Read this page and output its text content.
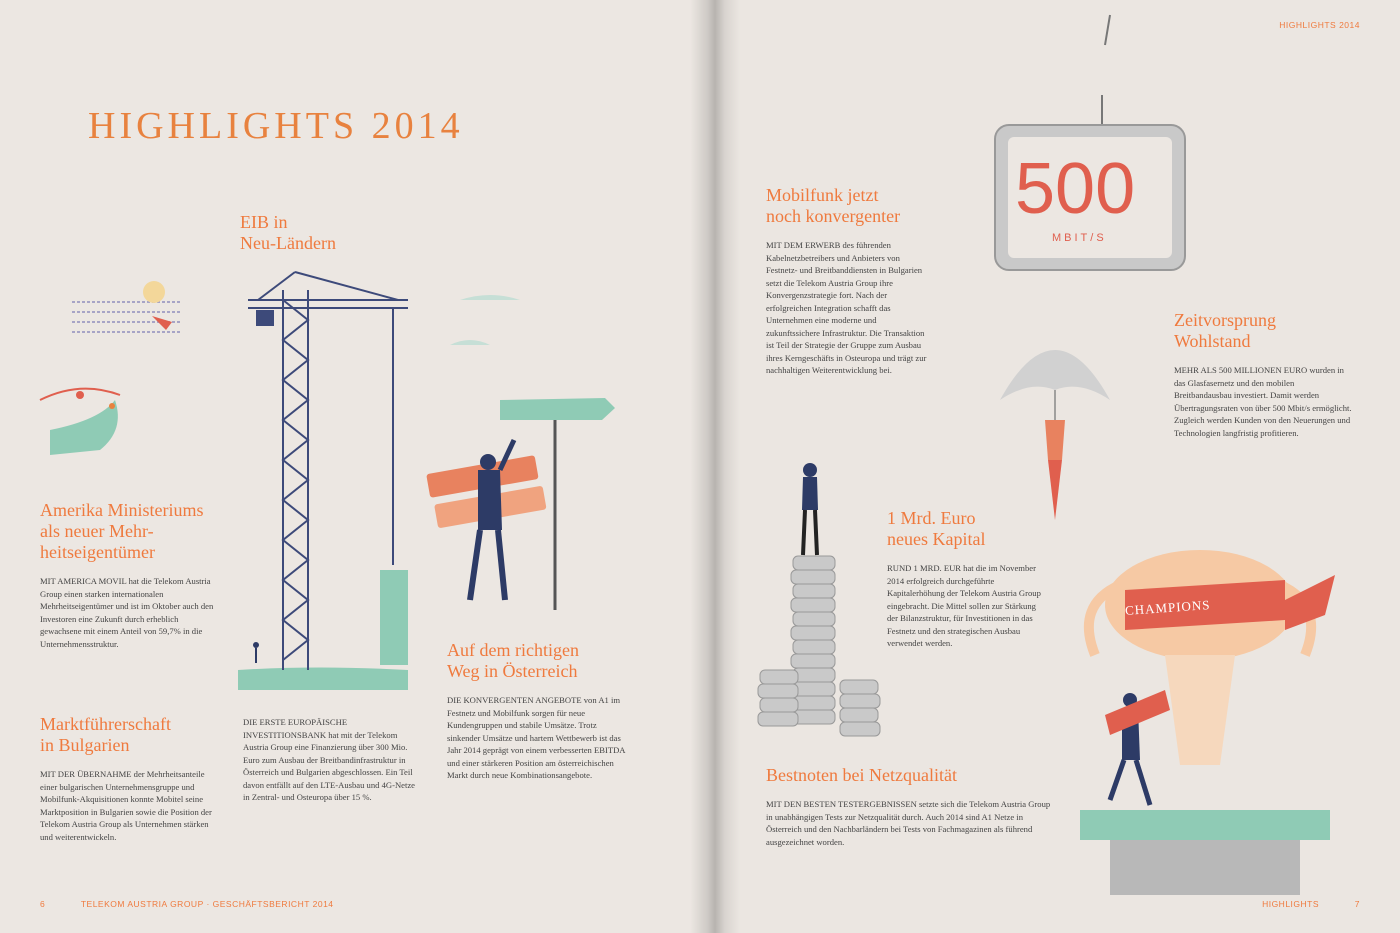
HIGHLIGHTS 2014
EIB in
Neu-Ländern
Amerika Ministeriums
als neuer Mehr-
heitseigentümer
MIT AMERICA MOVIL hat die Telekom Austria Group einen starken internationalen Mehrheitseigentümer und ist im Oktober auch den Investoren eine Zukunft durch erheblich gewachsene mit einem Anteil von 59,7% in die Unternehmensstruktur.
Marktführerschaft
in Bulgarien
MIT DER ÜBERNAHME der Mehrheitsanteile einer bulgarischen Unternehmensgruppe und Mobilfunk-Akquisitionen konnte Mobitel seine Marktposition in Bulgarien sowie die Position der Telekom Austria Group als Unternehmen stärken und weiterentwickeln.
DIE ERSTE EUROPÄISCHE INVESTITIONSBANK hat mit der Telekom Austria Group eine Finanzierung über 300 Mio. Euro zum Ausbau der Breitbandinfrastruktur in Österreich und Bulgarien abgeschlossen. Ein Teil davon entfällt auf den LTE-Ausbau und 4G-Netze in Zentral- und Osteuropa über 15 %.
Auf dem richtigen
Weg in Österreich
DIE KONVERGENTEN ANGEBOTE von A1 im Festnetz und Mobilfunk sorgen für neue Kundengruppen und stabile Umsätze. Trotz sinkender Umsätze und hartem Wettbewerb ist das Jahr 2014 geprägt von einem verbesserten EBITDA und einer stärkeren Position am österreichischen Markt durch neue Kombinationsangebote.
6	TELEKOM AUSTRIA GROUP · GESCHÄFTSBERICHT 2014
HIGHLIGHTS 2014
500
MBIT/S
CHAMPIONS
Mobilfunk jetzt
noch konvergenter
MIT DEM ERWERB des führenden Kabelnetzbetreibers und Anbieters von Festnetz- und Breitbanddiensten in Bulgarien setzt die Telekom Austria Group ihre Konvergenzstrategie fort. Nach der erfolgreichen Integration schafft das Unternehmen eine moderne und zukunftssichere Infrastruktur. Die Transaktion ist Teil der Strategie der Gruppe zum Ausbau ihres Kerngeschäfts in Osteuropa und trägt zur nachhaltigen Weiterentwicklung bei.
1 Mrd. Euro
neues Kapital
RUND 1 MRD. EUR hat die im November 2014 erfolgreich durchgeführte Kapitalerhöhung der Telekom Austria Group eingebracht. Die Mittel sollen zur Stärkung der Bilanzstruktur, für Investitionen in das Festnetz und den strategischen Ausbau verwendet werden.
Bestnoten bei Netzqualität
MIT DEN BESTEN TESTERGEBNISSEN setzte sich die Telekom Austria Group in unabhängigen Tests zur Netzqualität durch. Auch 2014 sind A1 Netze in Österreich und den Nachbarländern bei Tests von Fachmagazinen als führend ausgezeichnet worden.
Zeitvorsprung Wohlstand
MEHR ALS 500 MILLIONEN EURO wurden in das Glasfasernetz und den mobilen Breitbandausbau investiert. Damit werden Übertragungsraten von über 500 Mbit/s ermöglicht. Zugleich werden Kunden von den Neuerungen und Technologien langfristig profitieren.
HIGHLIGHTS	7
